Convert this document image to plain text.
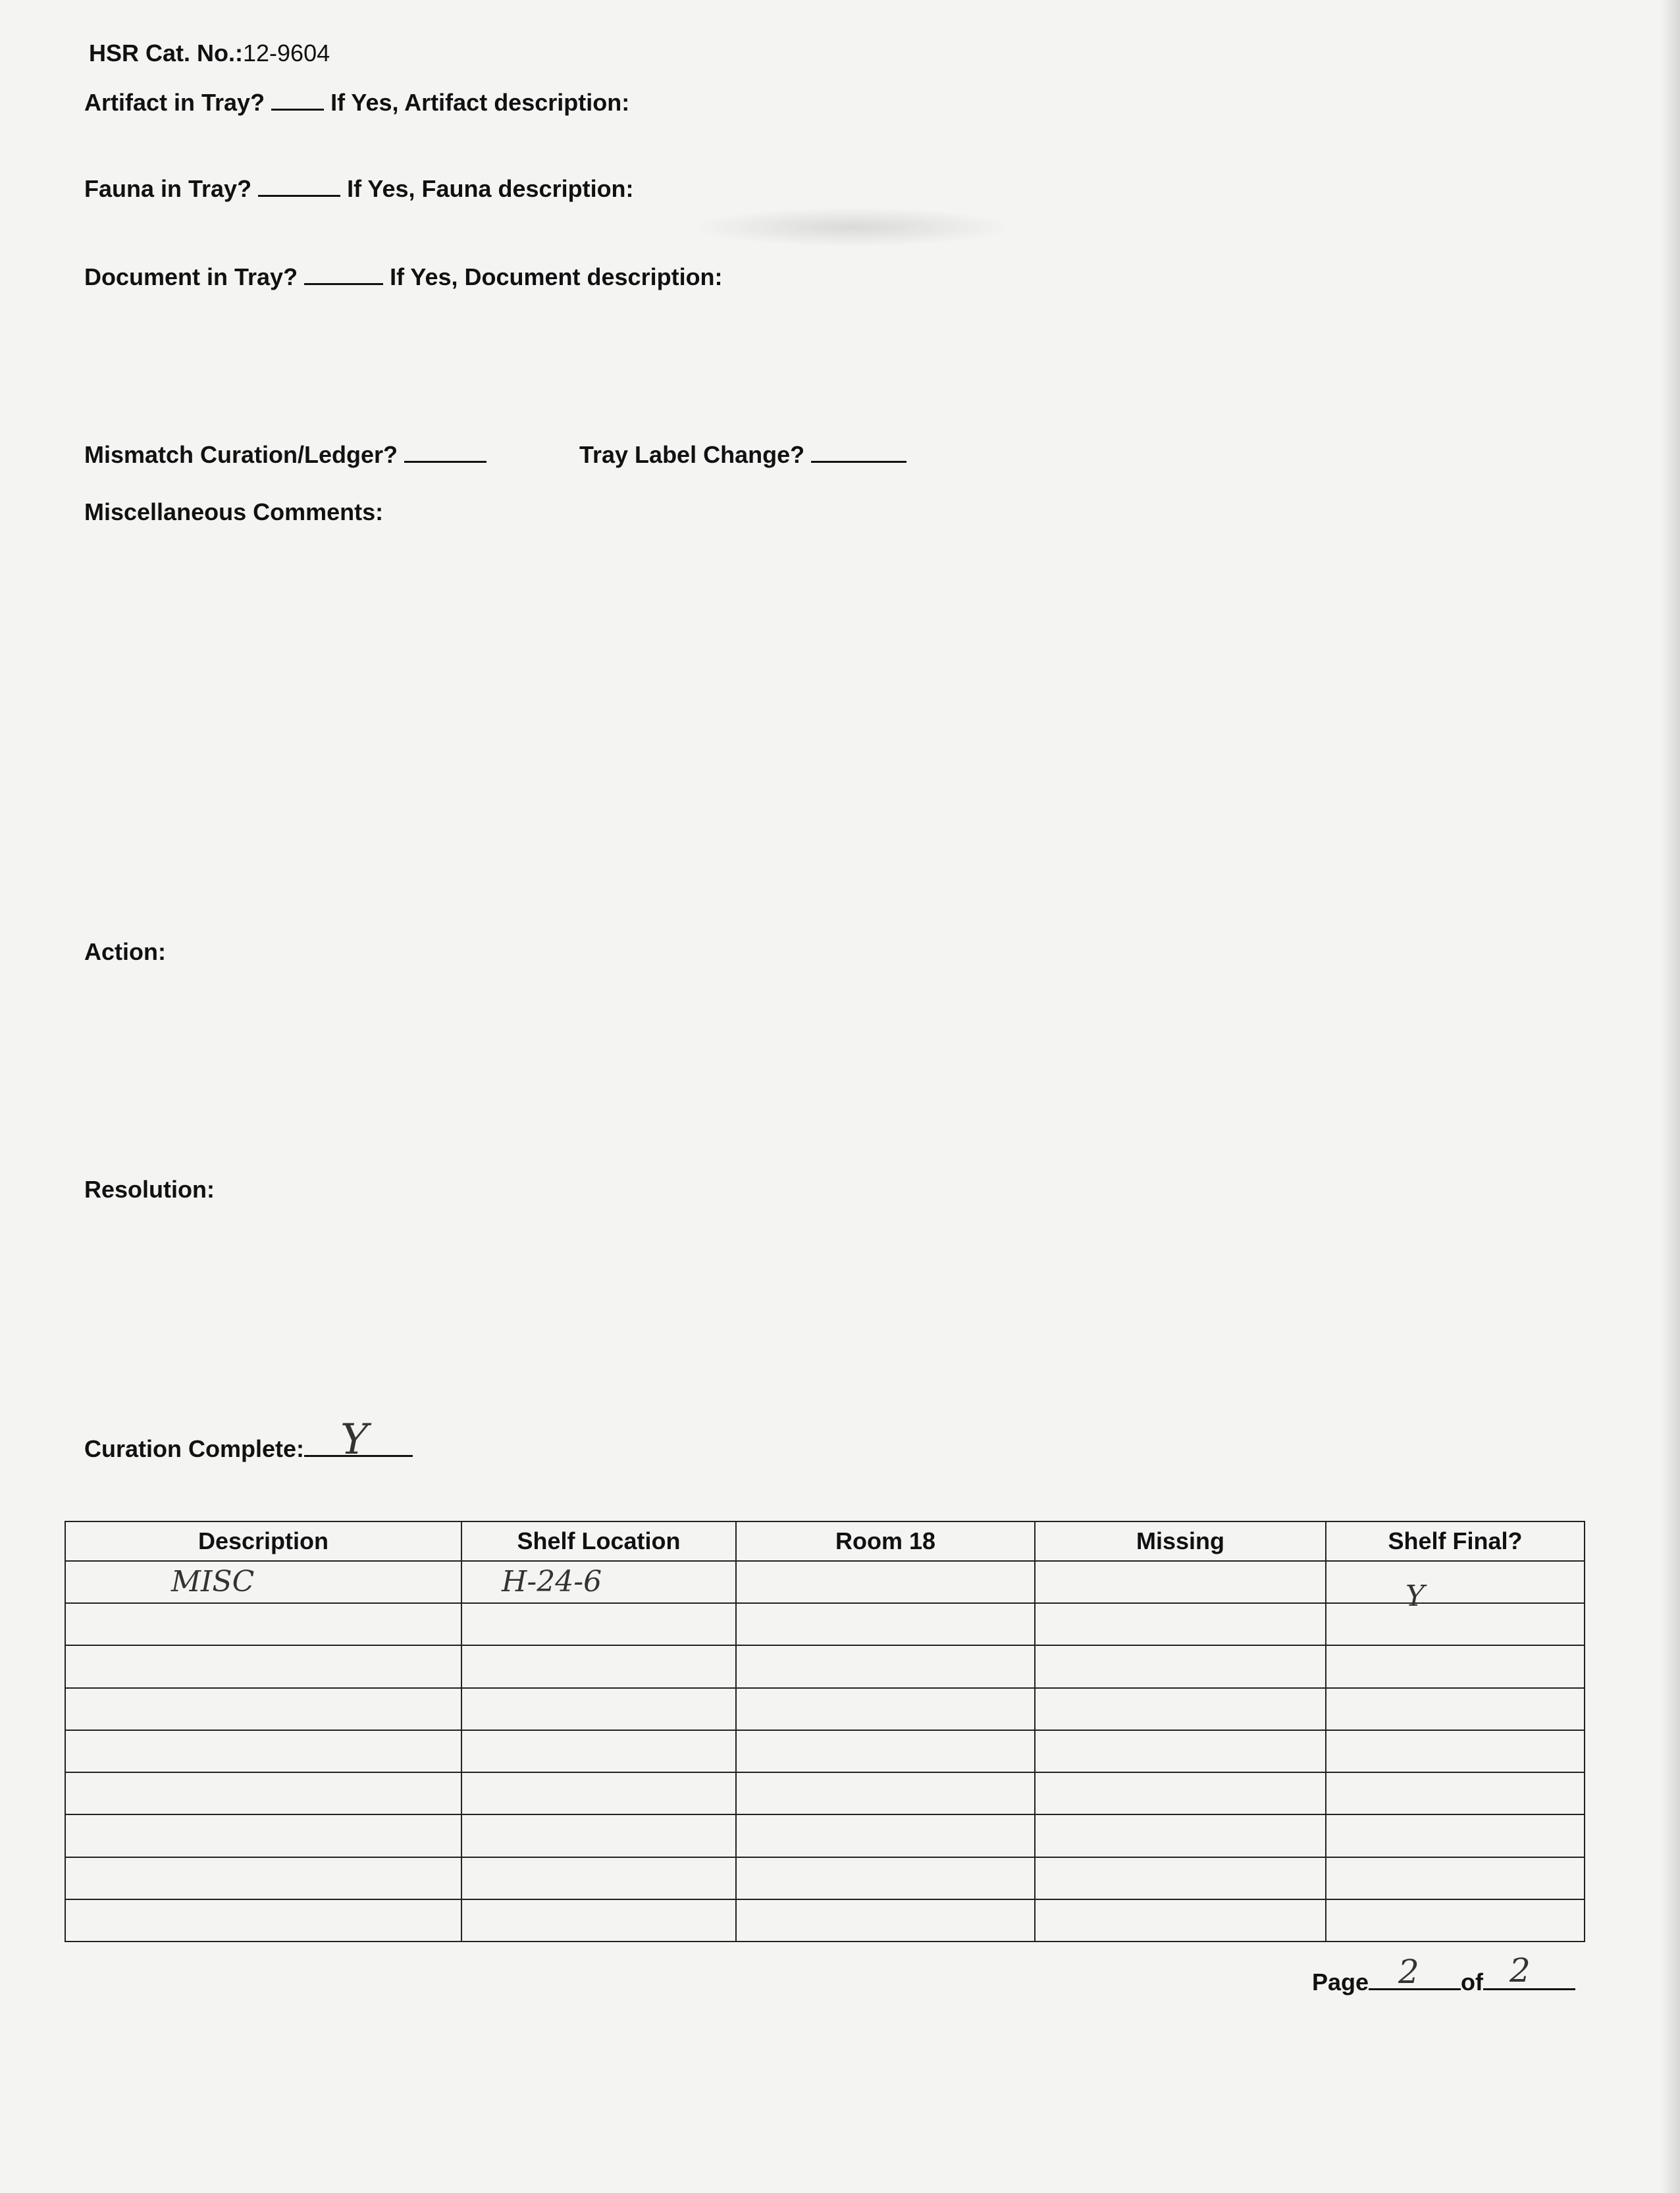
HSR Cat. No.:12-9604
Artifact in Tray?	If Yes, Artifact description:
Fauna in Tray?	If Yes, Fauna description:
Document in Tray?	If Yes, Document description:
Mismatch Curation/Ledger?	Tray Label Change?
Miscellaneous Comments:
Action:
Resolution:
Curation Complete: Y
Description	Shelf Location	Room 18	Missing	Shelf Final?

MISC	H-24-6			Y

Page 2 of 2
